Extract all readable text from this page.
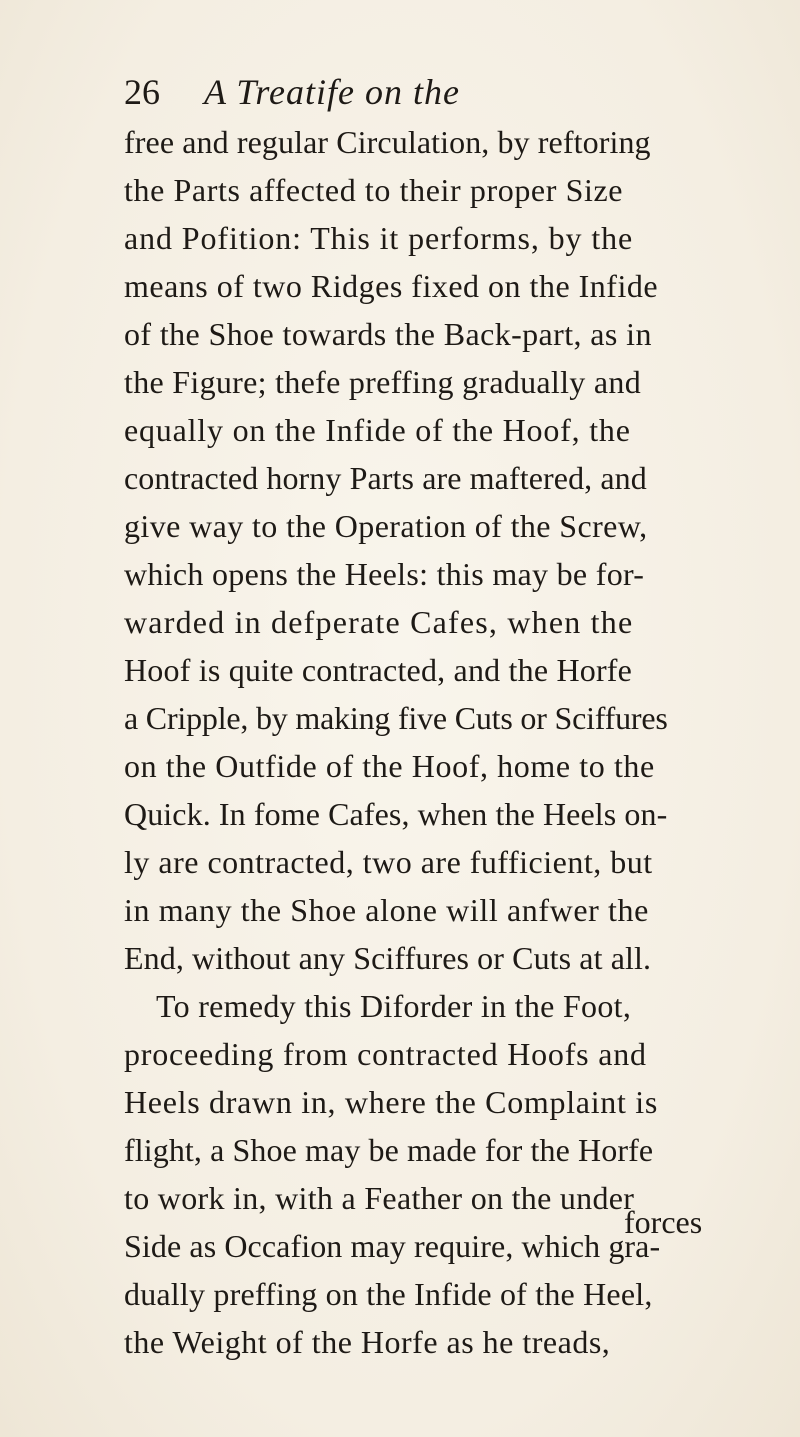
26 A Treatife on the
free and regular Circulation, by reftoring
the Parts affected to their proper Size
and Pofition: This it performs, by the
means of two Ridges fixed on the Infide
of the Shoe towards the Back-part, as in
the Figure; thefe preffing gradually and
equally on the Infide of the Hoof, the
contracted horny Parts are maftered, and
give way to the Operation of the Screw,
which opens the Heels: this may be for-
warded in defperate Cafes, when the
Hoof is quite contracted, and the Horfe
a Cripple, by making five Cuts or Sciffures
on the Outfide of the Hoof, home to the
Quick. In fome Cafes, when the Heels on-
ly are contracted, two are fufficient, but
in many the Shoe alone will anfwer the
End, without any Sciffures or Cuts at all.
To remedy this Diforder in the Foot,
proceeding from contracted Hoofs and
Heels drawn in, where the Complaint is
flight, a Shoe may be made for the Horfe
to work in, with a Feather on the under
Side as Occafion may require, which gra-
dually preffing on the Infide of the Heel,
the Weight of the Horfe as he treads,
forces
